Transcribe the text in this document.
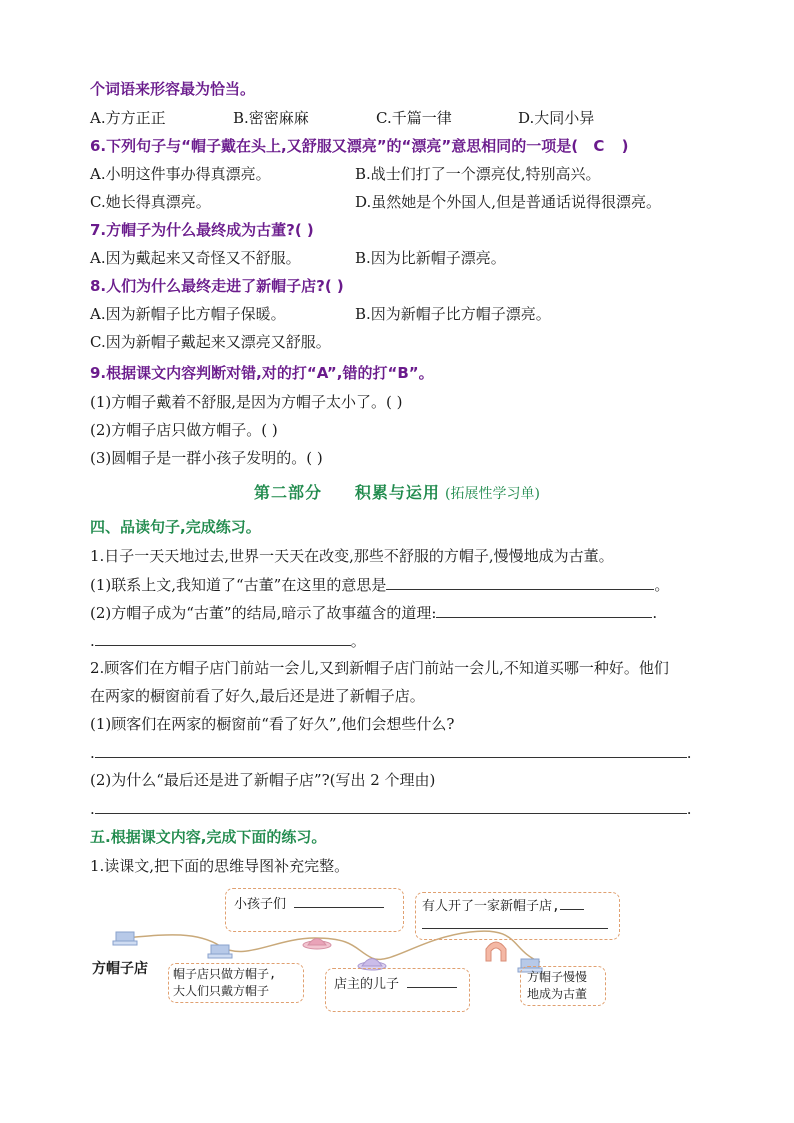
个词语来形容最为恰当。
A.方方正正	B.密密麻麻	C.千篇一律	D.大同小异
6.下列句子与“帽子戴在头上,又舒服又漂亮”的“漂亮”意思相同的一项是( C )
A.小明这件事办得真漂亮。	B.战士们打了一个漂亮仗,特别高兴。
C.她长得真漂亮。	D.虽然她是个外国人,但是普通话说得很漂亮。
7.方帽子为什么最终成为古董?( )
A.因为戴起来又奇怪又不舒服。	B.因为比新帽子漂亮。
8.人们为什么最终走进了新帽子店?( )
A.因为新帽子比方帽子保暖。	B.因为新帽子比方帽子漂亮。
C.因为新帽子戴起来又漂亮又舒服。
9.根据课文内容判断对错,对的打“A”,错的打“B”。
(1)方帽子戴着不舒服,是因为方帽子太小了。( )
(2)方帽子店只做方帽子。( )
(3)圆帽子是一群小孩子发明的。( )
第二部分     积累与运用 (拓展性学习单)
四、品读句子,完成练习。
1.日子一天天地过去,世界一天天在改变,那些不舒服的方帽子,慢慢地成为古董。
(1)联系上文,我知道了“古董”在这里的意思是	。
(2)方帽子成为“古董”的结局,暗示了故事蕴含的道理:	.
.	。
2.顾客们在方帽子店门前站一会儿,又到新帽子店门前站一会儿,不知道买哪一种好。他们
在两家的橱窗前看了好久,最后还是进了新帽子店。
(1)顾客们在两家的橱窗前“看了好久”,他们会想些什么?
.	.
(2)为什么“最后还是进了新帽子店”?(写出 2 个理由)
.	.
五.根据课文内容,完成下面的练习。
1.读课文,把下面的思维导图补充完整。
方帽子店
小孩子们	有人开了一家新帽子店,
帽子店只做方帽子,
大人们只戴方帽子	店主的儿子	方帽子慢慢
地成为古董
